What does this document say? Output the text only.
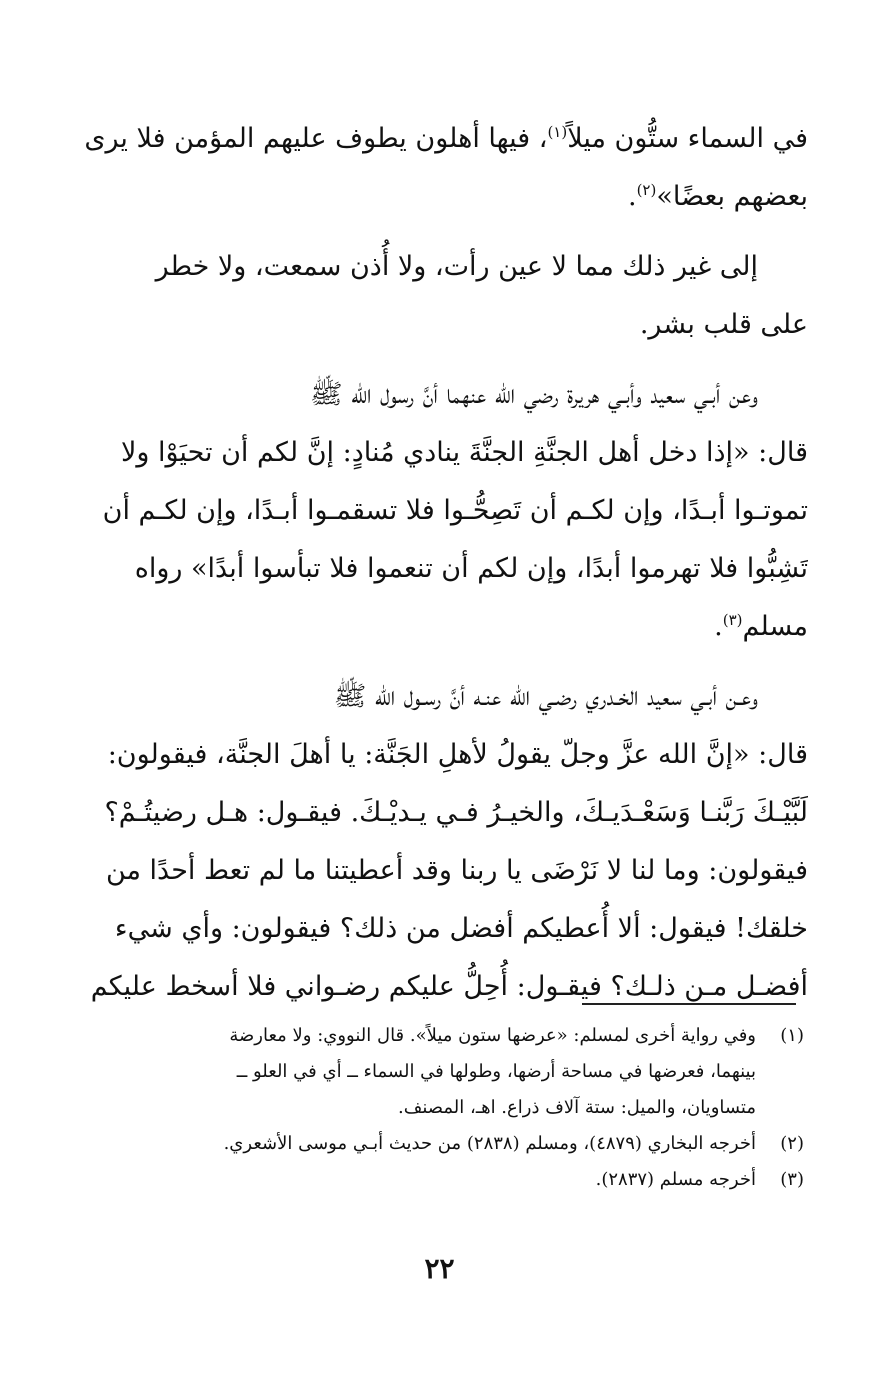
في السماء ستُّون ميلاً$^{(١)}$، فيها أهلون يطوف عليهم المؤمن فلا يرى
بعضهم بعضًا»$^{(٢)}$.

إلى غير ذلك مما لا عين رأت، ولا أُذن سمعت، ولا خطر
على قلب بشر.

وعن أبـي سعيد وأبـي هريرة رضي الله عنهما أنَّ رسول الله ﷺ
قال: «إذا دخل أهل الجنَّةِ الجنَّةَ ينادي مُنادٍ: إنَّ لكم أن تحيَوْا ولا
تموتـوا أبـدًا، وإن لكـم أن تَصِحُّـوا فلا تسقمـوا أبـدًا، وإن لكـم أن
تَشِبُّوا فلا تهرموا أبدًا، وإن لكم أن تنعموا فلا تبأسوا أبدًا» رواه
مسلم$^{(٣)}$.

وعـن أبـي سعيد الخـدري رضـي الله عنـه أنَّ رسـول الله ﷺ
قال: «إنَّ الله عزَّ وجلّ يقولُ لأهلِ الجَنَّة: يا أهلَ الجنَّة، فيقولون:
لَبَّيْـكَ رَبَّنـا وَسَعْـدَيـكَ، والخيـرُ فـي يـديْـكَ. فيقـول: هـل رضيتُـمْ؟
فيقولون: وما لنا لا نَرْضَى يا ربنا وقد أعطيتنا ما لم تعط أحدًا من
خلقك! فيقول: ألا أُعطيكم أفضل من ذلك؟ فيقولون: وأي شيء
أفضـل مـن ذلـك؟ فيقـول: أُحِلُّ عليكم رضـواني فلا أسخط عليكم

(١)
وفي رواية أخرى لمسلم: «عرضها ستون ميلاً». قال النووي: ولا معارضة
بينهما، فعرضها في مساحة أرضها، وطولها في السماء ــ أي في العلو ــ
متساويان، والميل: ستة آلاف ذراع. اهـ، المصنف.
(٢)
أخرجه البخاري (٤٨٧٩)، ومسلم (٢٨٣٨) من حديث أبـي موسى الأشعري.
(٣)
أخرجه مسلم (٢٨٣٧).
٢٢
